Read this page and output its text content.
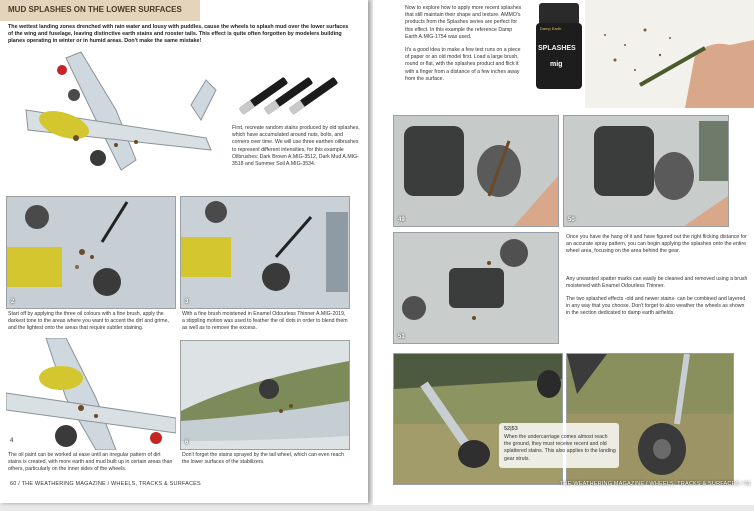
MUD SPLASHES ON THE LOWER SURFACES
The wettest landing zones drenched with rain water and lousy with puddles, cause the wheels to splash mud over the lower surfaces of the wing and fuselage, leaving distinctive earth stains and rooster tails. This effect is quite often forgotten by modelers building planes operating in winter or in humid areas. Don't make the same mistake!
First, recreate random stains produced by old splashes, which have accumulated around nuts, bolts, and corners over time. We will use three earthen oilbrushes to represent different intensities, for this example Oilbrushes: Dark Brown A.MIG-3512, Dark Mud A.MIG-3518 and Summer Soil A.MIG-3534.
2	3
Start off by applying the three oil colours with a fine brush, apply the darkest tone to the areas where you want to accent the dirt and grime, and the lightest onto the areas that require subtler staining.
With a fine brush moistened in Enamel Odourless Thinner A.MIG-2019, a stippling motion was used to feather the oil dots in order to blend them as well as to remove the excess.
4	6
The oil paint can be worked at ease until an irregular pattern of dirt stains is created, with more earth and mud built up in certain areas than others, particularly on the inner sides of the wheels.
Don't forget the stains sprayed by the tail wheel, which can even reach the lower surfaces of the stabilizers.
60 / THE WEATHERING MAGAZINE / WHEELS, TRACKS & SURFACES
Now to explore how to apply more recent splashes that still maintain their shape and texture. AMMO's products from the Splashes series are perfect for this effect. In this example the reference Damp Earth A.MIG-1754 was used.
It's a good idea to make a few test runs on a piece of paper or an old model first. Load a large brush, round or flat, with the splashes product and flick it with a finger from a distance of a few inches away from the surface.
Damp Earth
SPLASHES
mig
49	50
51
Once you have the hang of it and have figured out the right flicking distance for an accurate spray pattern, you can begin applying the splashes onto the entire wheel area, focusing on the area behind the gear.
Any unwanted spatter marks can easily be cleaned and removed using a brush moistened with Enamel Odourless Thinner.
The two splashed effects -old and newer stains- can be combined and layered in any way that you choose. Don't forget to also weather the wheels as shown in the section dedicated to damp earth airfields.
52|53
When the undercarriage comes almost reach the ground, they must receive recent and old splattered stains. This also applies to the landing gear struts.
THE WEATHERING MAGAZINE / WHEELS, TRACKS & SURFACES / 61
